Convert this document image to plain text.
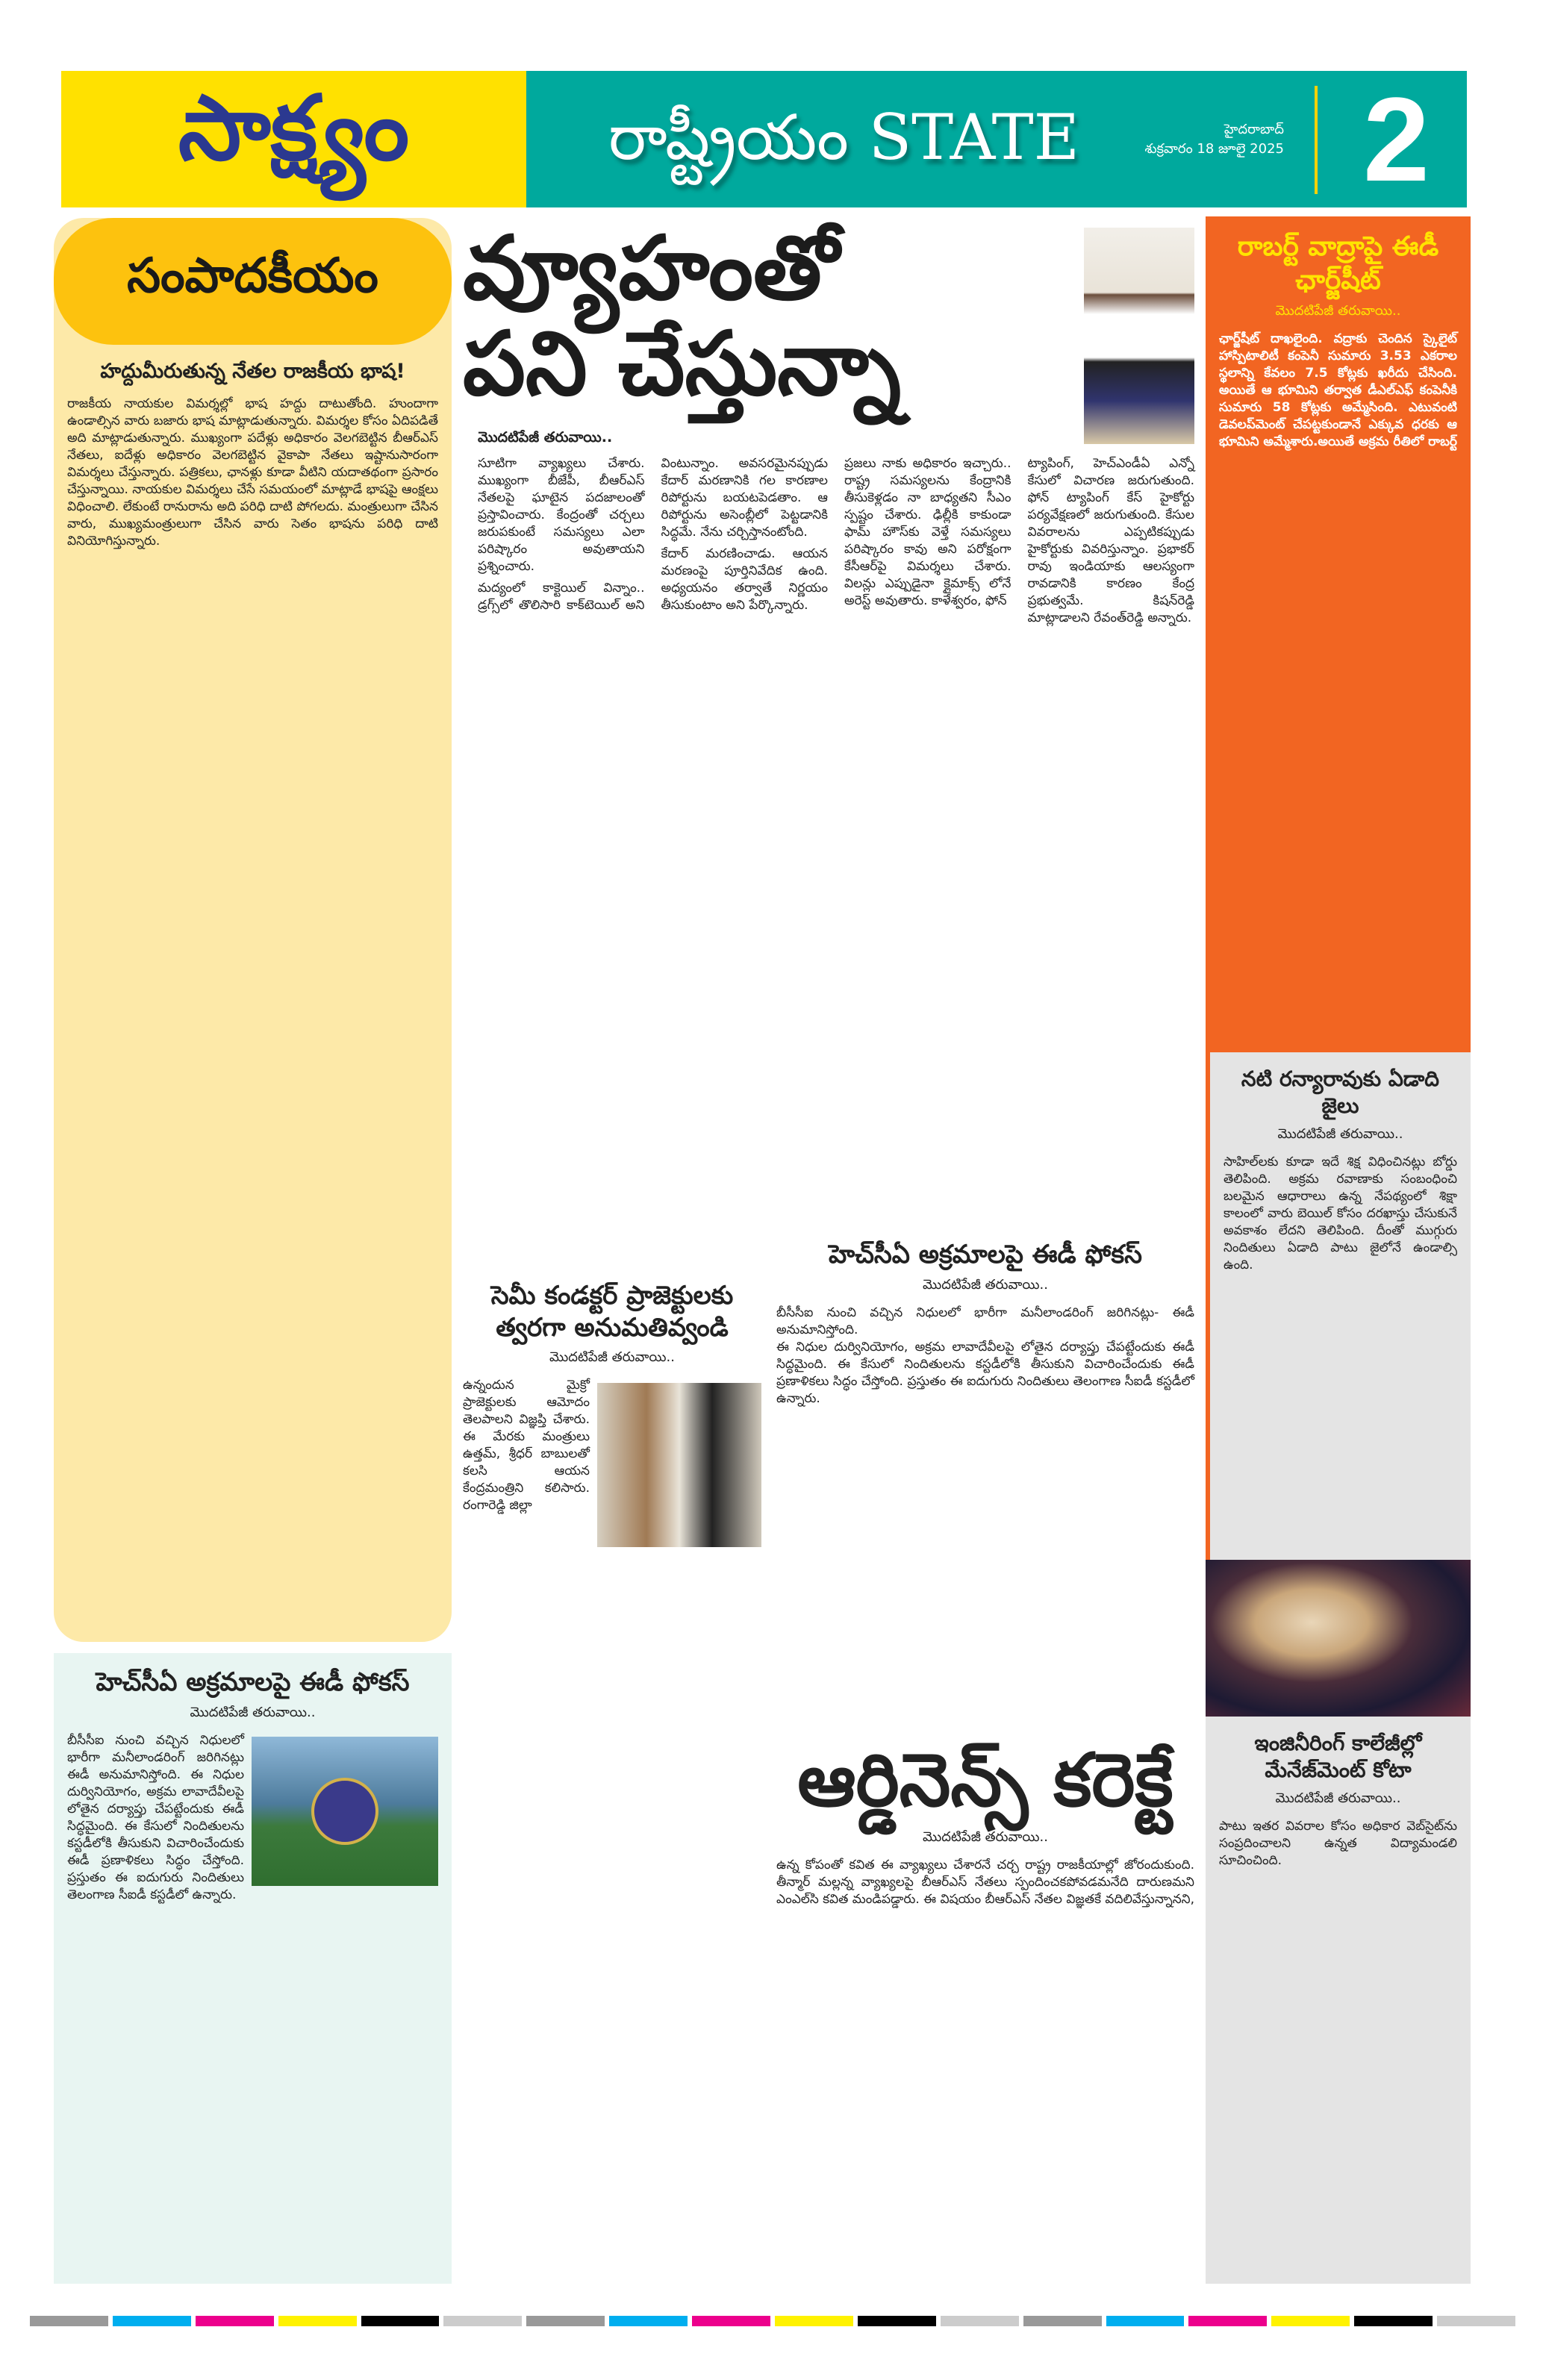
సాక్ష్యం	రాష్ట్రీయం STATE	హైదరాబాద్
శుక్రవారం 18 జూలై 2025 2
సంపాదకీయం
హద్దుమీరుతున్న నేతల రాజకీయ భాష!

రాజకీయ నాయకుల విమర్శల్లో భాష హద్దు దాటుతోంది. హుందాగా ఉండాల్సిన వారు బజారు భాష మాట్లాడుతున్నారు. విమర్శల కోసం ఏదిపడితే అది మాట్లాడుతున్నారు. ముఖ్యంగా పదేళ్లు అధికారం వెలగబెట్టిన బీఆర్ఎస్ నేతలు, ఐదేళ్లు అధికారం వెలగబెట్టిన వైకాపా నేతలు ఇష్టానుసారంగా విమర్శలు చేస్తున్నారు. పత్రికలు, ఛానళ్లు కూడా వీటిని యదాతథంగా ప్రసారం చేస్తున్నాయి. నాయకుల విమర్శలు చేసే సమయంలో మాట్లాడే భాషపై ఆంక్షలు విధించాలి. లేకుంటే రానురాను అది పరిధి దాటి పోగలదు. మంత్రులుగా చేసిన వారు, ముఖ్యమంత్రులుగా చేసిన వారు సెతం భాషను పరిధి దాటి వినియోగిస్తున్నారు.

హెచ్‌సీఏ అక్రమాలపై ఈడీ ఫోకస్
మొదటిపేజీ తరువాయి..

బీసీసీఐ నుంచి వచ్చిన నిధులలో భారీగా మనీలాండరింగ్ జరిగినట్లు ఈడీ అనుమానిస్తోంది. ఈ నిధుల దుర్వినియోగం, అక్రమ లావాదేవీలపై లోతైన దర్యాప్తు చేపట్టేందుకు ఈడీ సిద్ధమైంది. ఈ కేసులో నిందితులను కస్టడీలోకి తీసుకుని విచారించేందుకు ఈడీ ప్రణాళికలు సిద్ధం చేస్తోంది. ప్రస్తుతం ఈ ఐదుగురు నిందితులు తెలంగాణ సీఐడీ కస్టడీలో ఉన్నారు.

వ్యూహంతో
పని చేస్తున్నా
మొదటిపేజీ తరువాయి..

సూటిగా వ్యాఖ్యలు చేశారు. ముఖ్యంగా బీజేపీ, బీఆర్ఎస్ నేతలపై ఘాటైన పదజాలంతో ప్రస్తావించారు. కేంద్రంతో చర్చలు జరుపకుంటే సమస్యలు ఎలా పరిష్కారం అవుతాయని ప్రశ్నించారు.

మద్యంలో కాక్టెయిల్ విన్నాం.. డ్రగ్స్‌లో తొలిసారి కాక్‌టెయిల్ అని వింటున్నాం. అవసరమైనప్పుడు కేదార్ మరణానికి గల కారణాల రిపోర్టును బయటపెడతాం. ఆ రిపోర్టును అసెంబ్లీలో పెట్టడానికి సిద్ధమే. నేను చర్చిస్తానంటోంది.

కేదార్ మరణించాడు. ఆయన మరణంపై పూర్తినివేదిక ఉంది. అధ్యయనం తర్వాతే నిర్ణయం తీసుకుంటాం అని పేర్కొన్నారు.

ప్రజలు నాకు అధికారం ఇచ్చారు.. రాష్ట్ర సమస్యలను కేంద్రానికి తీసుకెళ్లడం నా బాధ్యతని సీఎం స్పష్టం చేశారు. ఢిల్లీకి కాకుండా ఫామ్ హౌస్‌కు వెళ్తే సమస్యలు పరిష్కారం కావు అని పరోక్షంగా కేసీఆర్‌పై విమర్శలు చేశారు. విలన్లు ఎప్పుడైనా క్లైమాక్స్ లోనే అరెస్ట్ అవుతారు. కాళేశ్వరం, ఫోన్

ట్యాపింగ్, హెచ్ఎండీఏ ఎన్నో కేసులో విచారణ జరుగుతుంది. ఫోన్ ట్యాపింగ్ కేస్ హైకోర్టు పర్యవేక్షణలో జరుగుతుంది. కేసుల వివరాలను ఎప్పటికప్పుడు హైకోర్టుకు వివరిస్తున్నాం. ప్రభాకర్ రావు ఇండియాకు ఆలస్యంగా రావడానికి కారణం కేంద్ర ప్రభుత్వమే. కిషన్‌రెడ్డి మాట్లాడాలని రేవంత్‌రెడ్డి అన్నారు.

సెమీ కండక్టర్ ప్రాజెక్టులకు త్వరగా అనుమతివ్వండి
మొదటిపేజీ తరువాయి..

ఉన్నందున మైక్రో ప్రాజెక్టులకు ఆమోదం తెలపాలని విజ్ఞప్తి చేశారు. ఈ మేరకు మంత్రులు ఉత్తమ్, శ్రీధర్ బాబులతో కలసి ఆయన కేంద్రమంత్రిని కలిసారు. రంగారెడ్డి జిల్లా

హెచ్‌సీఏ అక్రమాలపై ఈడీ ఫోకస్
మొదటిపేజీ తరువాయి..

బీసీసీఐ నుంచి వచ్చిన నిధులలో భారీగా మనీలాండరింగ్ జరిగినట్లు- ఈడీ అనుమానిస్తోంది.

ఈ నిధుల దుర్వినియోగం, అక్రమ లావాదేవీలపై లోతైన దర్యాప్తు చేపట్టేందుకు ఈడీ సిద్ధమైంది. ఈ కేసులో నిందితులను కస్టడీలోకి తీసుకుని విచారించేందుకు ఈడీ ప్రణాళికలు సిద్ధం చేస్తోంది. ప్రస్తుతం ఈ ఐదుగురు నిందితులు తెలంగాణ సీఐడీ కస్టడీలో ఉన్నారు.

ఆర్డినెన్స్ కరెక్టే
మొదటిపేజీ తరువాయి..

ఉన్న కోపంతో కవిత ఈ వ్యాఖ్యలు చేశారనే చర్చ రాష్ట్ర రాజకీయాల్లో జోరందుకుంది. తీన్మార్ మల్లన్న వ్యాఖ్యలపై బీఆర్ఎస్ నేతలు స్పందించకపోవడమనేది దారుణమని ఎంఎల్‌సి కవిత మండిపడ్డారు. ఈ విషయం బీఆర్ఎస్ నేతల విజ్ఞతకే వదిలివేస్తున్నానని,

రాబర్ట్ వాద్రాపై ఈడీ ఛార్జ్‌షీట్
మొదటిపేజీ తరువాయి..

ఛార్జ్‌షీట్ దాఖలైంది. వద్రాకు చెందిన స్కైలైట్ హాస్పిటాలిటీ కంపెనీ సుమారు 3.53 ఎకరాల స్థలాన్ని కేవలం 7.5 కోట్లకు ఖరీదు చేసింది. అయితే ఆ భూమిని తర్వాత డీఎల్ఎఫ్ కంపెనీకి సుమారు 58 కోట్లకు అమ్మేసింది. ఎటువంటి డెవలప్‌మెంట్ చేపట్టకుండానే ఎక్కువ ధరకు ఆ భూమిని అమ్మేశారు.అయితే అక్రమ రీతిలో రాబర్ట్

నటి రన్యారావుకు ఏడాది జైలు
మొదటిపేజీ తరువాయి..

సాహిల్‌లకు కూడా ఇదే శిక్ష విధించినట్లు బోర్డు తెలిపింది. అక్రమ రవాణాకు సంబంధించి బలమైన ఆధారాలు ఉన్న నేపథ్యంలో శిక్షా కాలంలో వారు బెయిల్ కోసం దరఖాస్తు చేసుకునే అవకాశం లేదని తెలిపింది. దీంతో ముగ్గురు నిందితులు ఏడాది పాటు జైలోనే ఉండాల్సి ఉంది.

ఇంజినీరింగ్ కాలేజీల్లో మేనేజ్‌మెంట్ కోటా
మొదటిపేజీ తరువాయి..

పాటు ఇతర వివరాల కోసం అధికార వెబ్‌సైట్‌ను సంప్రదించాలని ఉన్నత విద్యామండలి సూచించింది.
